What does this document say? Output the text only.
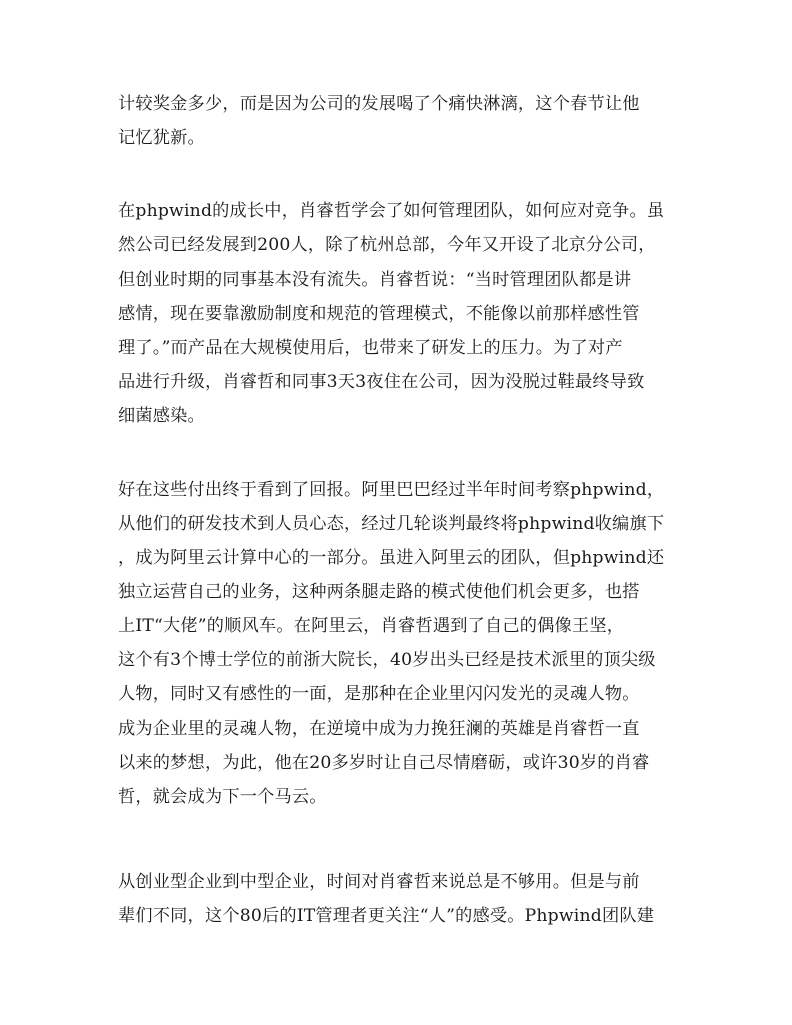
计较奖金多少，而是因为公司的发展喝了个痛快淋漓，这个春节让他
记忆犹新。
在phpwind的成长中，肖睿哲学会了如何管理团队，如何应对竞争。虽
然公司已经发展到200人，除了杭州总部，今年又开设了北京分公司，
但创业时期的同事基本没有流失。肖睿哲说：“当时管理团队都是讲
感情，现在要靠激励制度和规范的管理模式，不能像以前那样感性管
理了。”而产品在大规模使用后，也带来了研发上的压力。为了对产
品进行升级，肖睿哲和同事3天3夜住在公司，因为没脱过鞋最终导致
细菌感染。
好在这些付出终于看到了回报。阿里巴巴经过半年时间考察phpwind，
从他们的研发技术到人员心态，经过几轮谈判最终将phpwind收编旗下
，成为阿里云计算中心的一部分。虽进入阿里云的团队，但phpwind还
独立运营自己的业务，这种两条腿走路的模式使他们机会更多，也搭
上IT“大佬”的顺风车。在阿里云，肖睿哲遇到了自己的偶像王坚，
这个有3个博士学位的前浙大院长，40岁出头已经是技术派里的顶尖级
人物，同时又有感性的一面，是那种在企业里闪闪发光的灵魂人物。
成为企业里的灵魂人物，在逆境中成为力挽狂澜的英雄是肖睿哲一直
以来的梦想，为此，他在20多岁时让自己尽情磨砺，或许30岁的肖睿
哲，就会成为下一个马云。
从创业型企业到中型企业，时间对肖睿哲来说总是不够用。但是与前
辈们不同，这个80后的IT管理者更关注“人”的感受。Phpwind团队建
